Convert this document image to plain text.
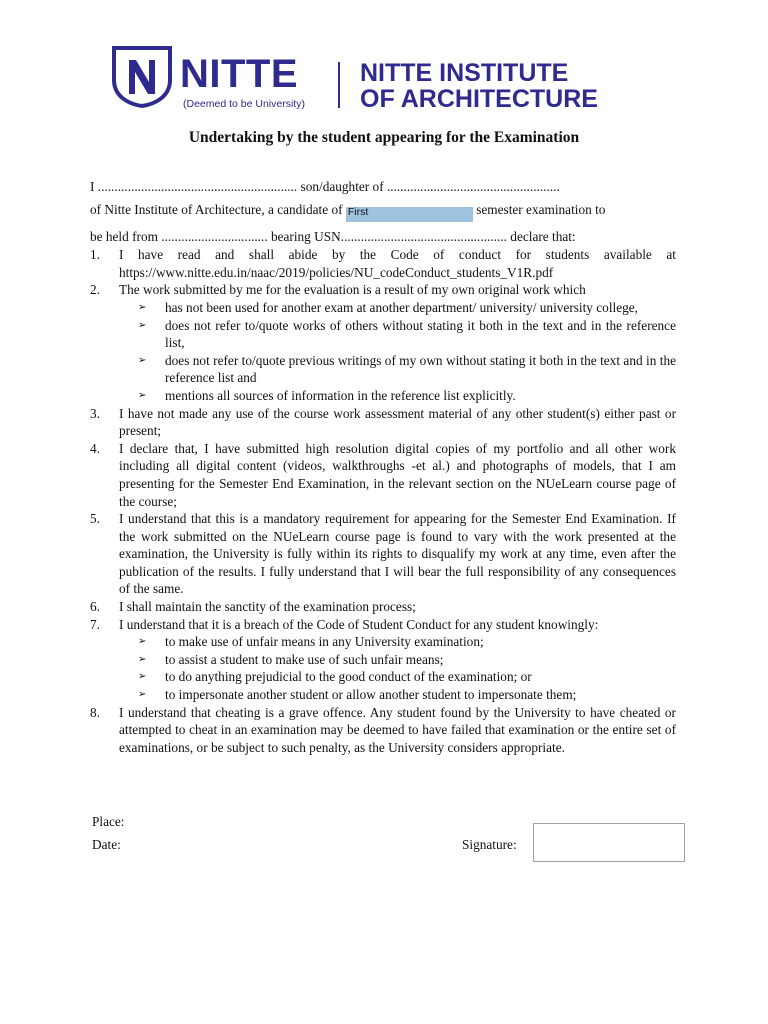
NITTE
(Deemed to be University)
NITTE INSTITUTE
OF ARCHITECTURE
Undertaking by the student appearing for the Examination

I ............................................................ son/daughter of ....................................................

of Nitte Institute of Architecture, a candidate of First	semester examination to

be held from ................................ bearing USN.................................................. declare that:

1. I have read and shall abide by the Code of conduct for students available at https://www.nitte.edu.in/naac/2019/policies/NU_codeConduct_students_V1R.pdf
2. The work submitted by me for the evaluation is a result of my own original work which
➢ has not been used for another exam at another department/ university/ university college,
➢ does not refer to/quote works of others without stating it both in the text and in the reference list,
➢ does not refer to/quote previous writings of my own without stating it both in the text and in the reference list and
➢ mentions all sources of information in the reference list explicitly.
3. I have not made any use of the course work assessment material of any other student(s) either past or present;
4. I declare that, I have submitted high resolution digital copies of my portfolio and all other work including all digital content (videos, walkthroughs -et al.) and photographs of models, that I am presenting for the Semester End Examination, in the relevant section on the NUeLearn course page of the course;
5. I understand that this is a mandatory requirement for appearing for the Semester End Examination. If the work submitted on the NUeLearn course page is found to vary with the work presented at the examination, the University is fully within its rights to disqualify my work at any time, even after the publication of the results. I fully understand that I will bear the full responsibility of any consequences of the same.
6. I shall maintain the sanctity of the examination process;
7. I understand that it is a breach of the Code of Student Conduct for any student knowingly:
➢ to make use of unfair means in any University examination;
➢ to assist a student to make use of such unfair means;
➢ to do anything prejudicial to the good conduct of the examination; or
➢ to impersonate another student or allow another student to impersonate them;
8. I understand that cheating is a grave offence. Any student found by the University to have cheated or attempted to cheat in an examination may be deemed to have failed that examination or the entire set of examinations, or be subject to such penalty, as the University considers appropriate.
Place:
Date:	Signature:
